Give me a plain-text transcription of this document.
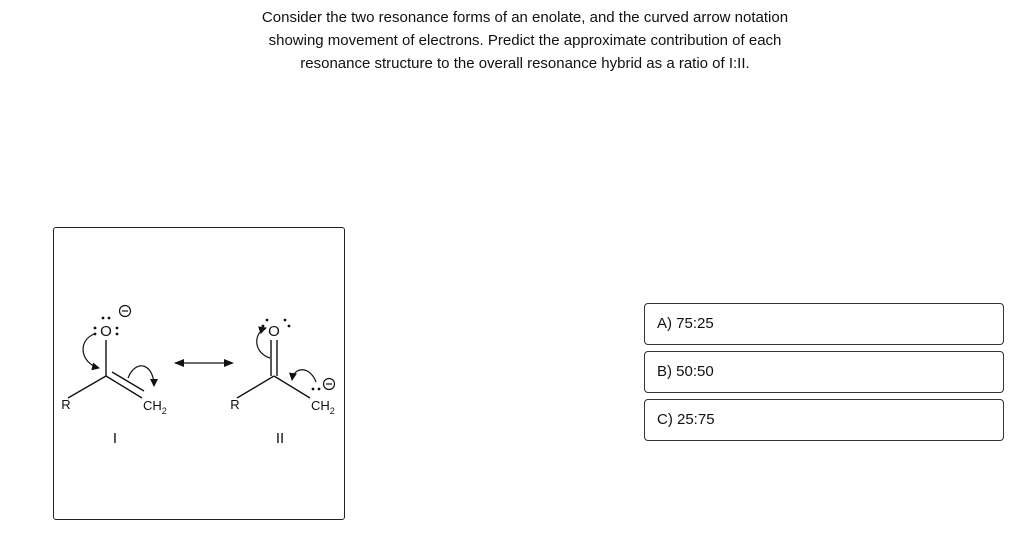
Consider the two resonance forms of an enolate, and the curved arrow notation
showing movement of electrons. Predict the approximate contribution of each
resonance structure to the overall resonance hybrid as a ratio of I:II.

O
R	$CH_2$
I
O
R	$CH_2$
II
A) 75:25
B) 50:50
C) 25:75
